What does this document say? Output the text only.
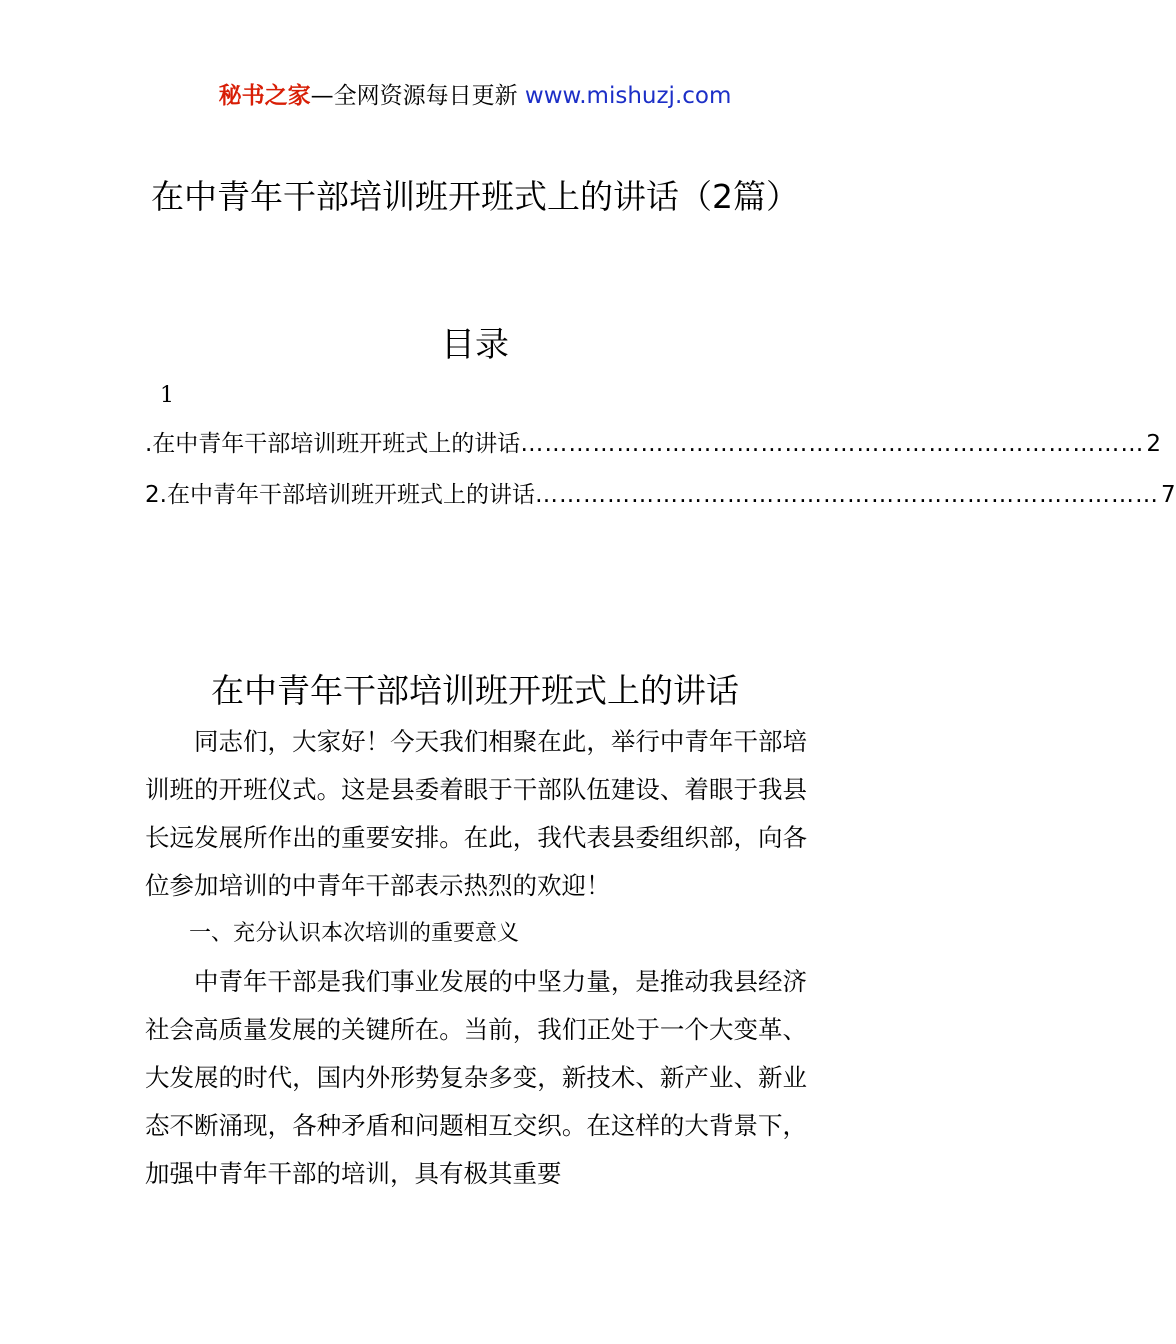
秘书之家—全网资源每日更新 www.mishuzj.com
在中青年干部培训班开班式上的讲话（2篇）
目录
1
.在中青年干部培训班开班式上的讲话 …………………………………………………………………… 2
2.在中青年干部培训班开班式上的讲话 …………………………………………………………………… 7
在中青年干部培训班开班式上的讲话

同志们，大家好！今天我们相聚在此，举行中青年干部培训班的开班仪式。这是县委着眼于干部队伍建设、着眼于我县长远发展所作出的重要安排。在此，我代表县委组织部，向各位参加培训的中青年干部表示热烈的欢迎！

一、充分认识本次培训的重要意义

中青年干部是我们事业发展的中坚力量，是推动我县经济社会高质量发展的关键所在。当前，我们正处于一个大变革、大发展的时代，国内外形势复杂多变，新技术、新产业、新业态不断涌现，各种矛盾和问题相互交织。在这样的大背景下，加强中青年干部的培训，具有极其重要
